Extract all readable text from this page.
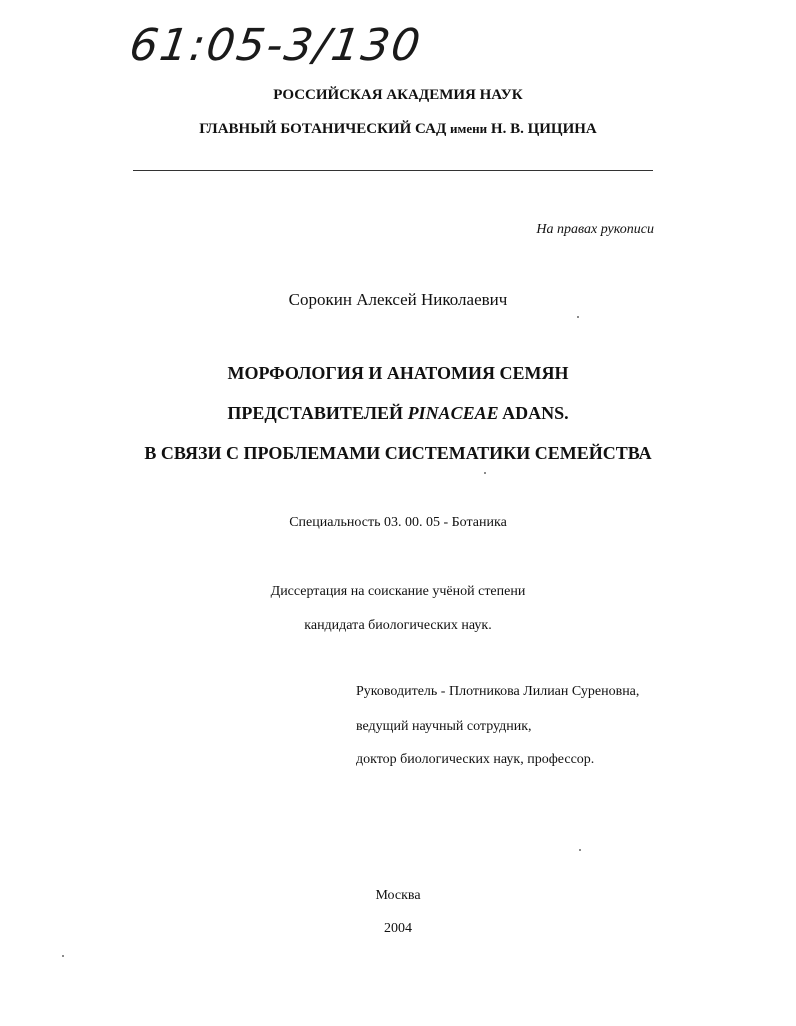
61:05-3/130
РОССИЙСКАЯ АКАДЕМИЯ НАУК
ГЛАВНЫЙ БОТАНИЧЕСКИЙ САД имени Н. В. ЦИЦИНА
На правах рукописи
Сорокин Алексей Николаевич
МОРФОЛОГИЯ И АНАТОМИЯ СЕМЯН
ПРЕДСТАВИТЕЛЕЙ PINACEAE ADANS.
В СВЯЗИ С ПРОБЛЕМАМИ СИСТЕМАТИКИ СЕМЕЙСТВА
Специальность 03. 00. 05 - Ботаника
Диссертация на соискание учёной степени
кандидата биологических наук.
Руководитель - Плотникова Лилиан Суреновна,
ведущий научный сотрудник,
доктор биологических наук, профессор.
Москва
2004
